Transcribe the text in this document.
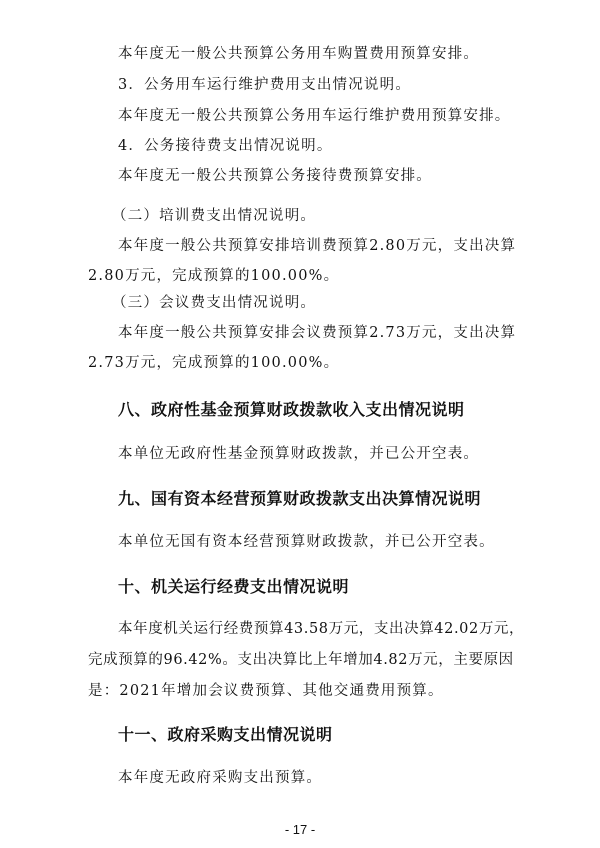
本年度无一般公共预算公务用车购置费用预算安排。
3．公务用车运行维护费用支出情况说明。
本年度无一般公共预算公务用车运行维护费用预算安排。
4．公务接待费支出情况说明。
本年度无一般公共预算公务接待费预算安排。
（二）培训费支出情况说明。
本年度一般公共预算安排培训费预算2.80万元，支出决算
2.80万元，完成预算的100.00%。
（三）会议费支出情况说明。
本年度一般公共预算安排会议费预算2.73万元，支出决算
2.73万元，完成预算的100.00%。
八、政府性基金预算财政拨款收入支出情况说明
本单位无政府性基金预算财政拨款，并已公开空表。
九、国有资本经营预算财政拨款支出决算情况说明
本单位无国有资本经营预算财政拨款，并已公开空表。
十、机关运行经费支出情况说明
本年度机关运行经费预算43.58万元，支出决算42.02万元，
完成预算的96.42%。支出决算比上年增加4.82万元，主要原因
是：2021年增加会议费预算、其他交通费用预算。
- 17 -
十一、政府采购支出情况说明
本年度无政府采购支出预算。
